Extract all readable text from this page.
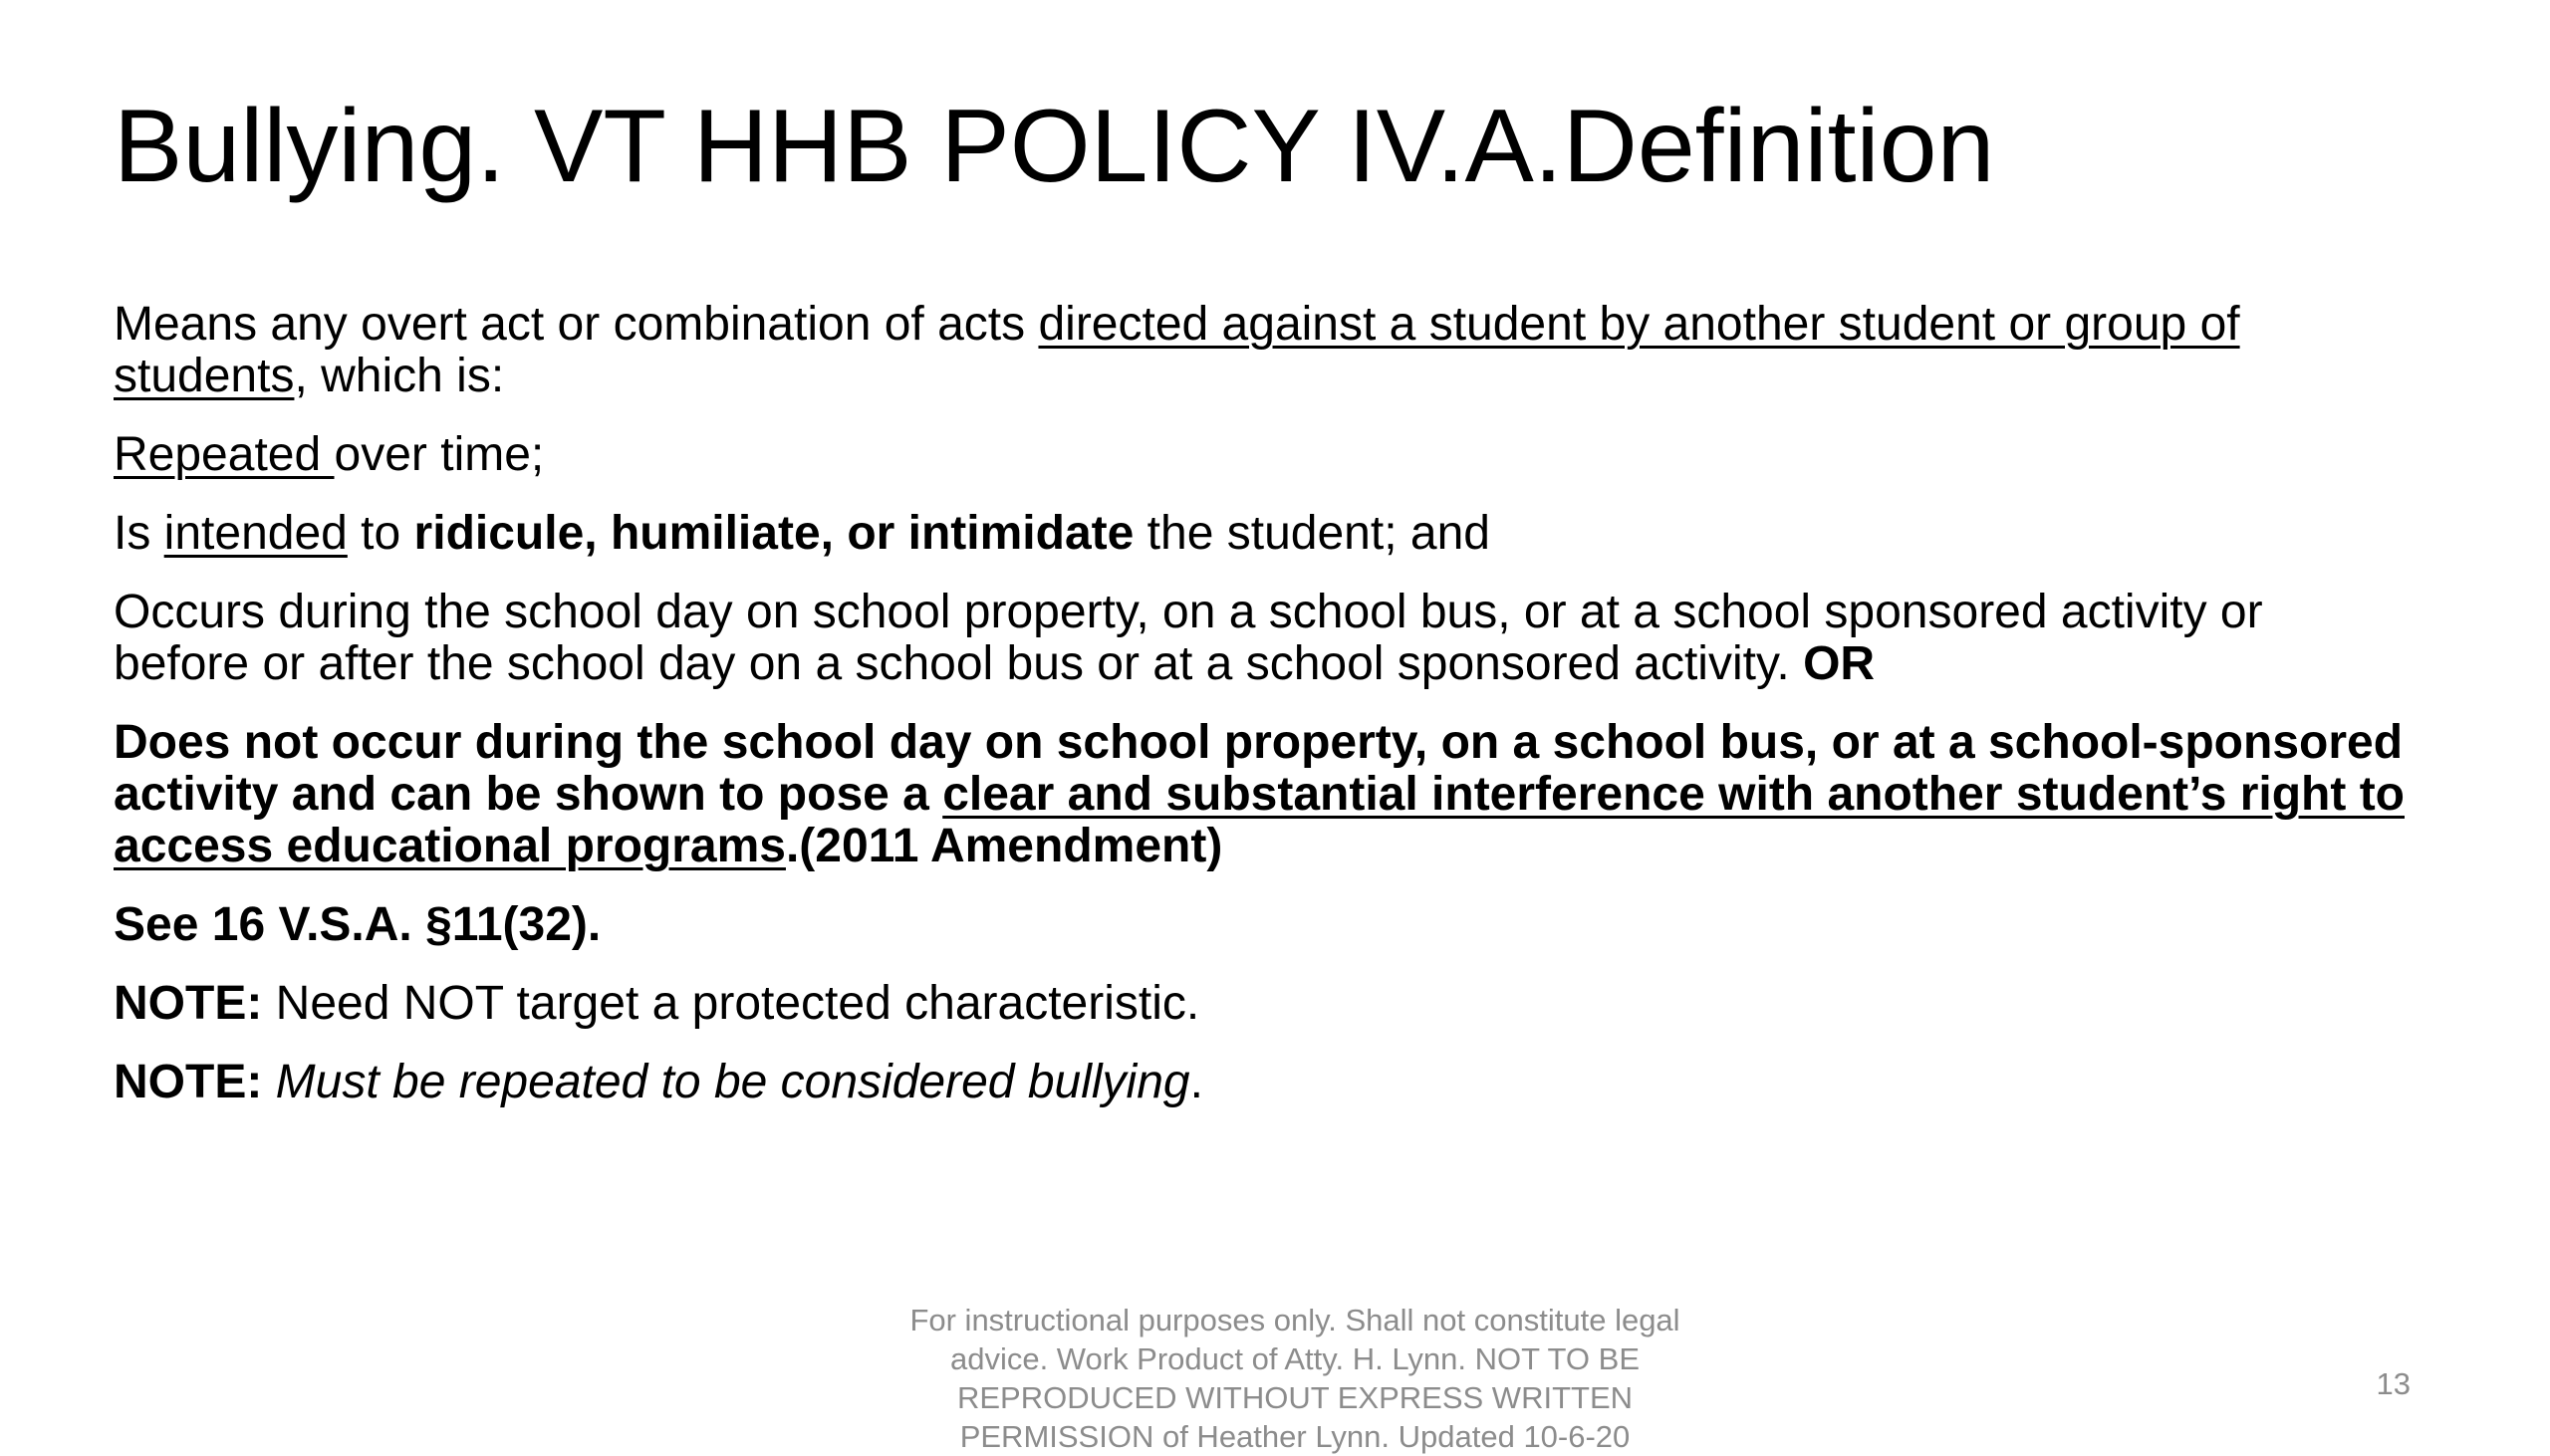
Bullying. VT HHB POLICY IV.A.Definition

Means any overt act or combination of acts directed against a student by another student or group of students, which is:

Repeated over time;

Is intended to ridicule, humiliate, or intimidate the student; and

Occurs during the school day on school property, on a school bus, or at a school sponsored activity or before or after the school day on a school bus or at a school sponsored activity. OR

Does not occur during the school day on school property, on a school bus, or at a school-sponsored activity and can be shown to pose a clear and substantial interference with another student’s right to access educational programs.(2011 Amendment)

See 16 V.S.A. §11(32).

NOTE: Need NOT target a protected characteristic.

NOTE: Must be repeated to be considered bullying.

For instructional purposes only. Shall not constitute legal advice. Work Product of Atty. H. Lynn. NOT TO BE REPRODUCED WITHOUT EXPRESS WRITTEN PERMISSION of Heather Lynn. Updated 10-6-20
13
